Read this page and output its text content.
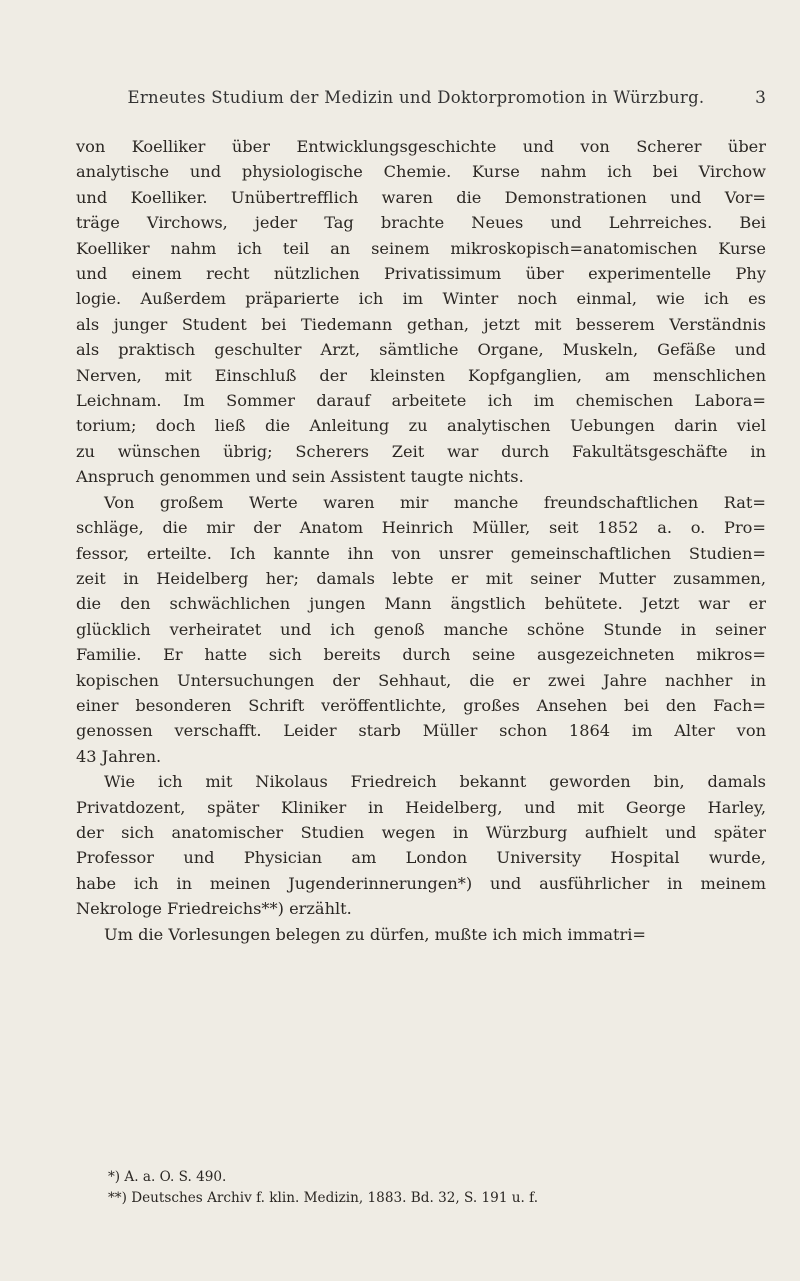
Erneutes Studium der Medizin und Doktorpromotion in Würzburg.	3

von Koelliker über Entwicklungsgeschichte und von Scherer über
analytische und physiologische Chemie. Kurse nahm ich bei Virchow
und Koelliker. Unübertrefflich waren die Demonstrationen und Vor=
träge Virchows, jeder Tag brachte Neues und Lehrreiches. Bei
Koelliker nahm ich teil an seinem mikroskopisch=anatomischen Kurse
und einem recht nützlichen Privatissimum über experimentelle Phy
logie. Außerdem präparierte ich im Winter noch einmal, wie ich es
als junger Student bei Tiedemann gethan, jetzt mit besserem Verständnis
als praktisch geschulter Arzt, sämtliche Organe, Muskeln, Gefäße und
Nerven, mit Einschluß der kleinsten Kopfganglien, am menschlichen
Leichnam. Im Sommer darauf arbeitete ich im chemischen Labora=
torium; doch ließ die Anleitung zu analytischen Uebungen darin viel
zu wünschen übrig; Scherers Zeit war durch Fakultätsgeschäfte in
Anspruch genommen und sein Assistent taugte nichts.

Von großem Werte waren mir manche freundschaftlichen Rat=
schläge, die mir der Anatom Heinrich Müller, seit 1852 a. o. Pro=
fessor, erteilte. Ich kannte ihn von unsrer gemeinschaftlichen Studien=
zeit in Heidelberg her; damals lebte er mit seiner Mutter zusammen,
die den schwächlichen jungen Mann ängstlich behütete. Jetzt war er
glücklich verheiratet und ich genoß manche schöne Stunde in seiner
Familie. Er hatte sich bereits durch seine ausgezeichneten mikros=
kopischen Untersuchungen der Sehhaut, die er zwei Jahre nachher in
einer besonderen Schrift veröffentlichte, großes Ansehen bei den Fach=
genossen verschafft. Leider starb Müller schon 1864 im Alter von
43 Jahren.

Wie ich mit Nikolaus Friedreich bekannt geworden bin, damals
Privatdozent, später Kliniker in Heidelberg, und mit George Harley,
der sich anatomischer Studien wegen in Würzburg aufhielt und später
Professor und Physician am London University Hospital wurde,
habe ich in meinen Jugenderinnerungen*) und ausführlicher in meinem
Nekrologe Friedreichs**) erzählt.

Um die Vorlesungen belegen zu dürfen, mußte ich mich immatri=

*) A. a. O. S. 490.
**) Deutsches Archiv f. klin. Medizin, 1883. Bd. 32, S. 191 u. f.
